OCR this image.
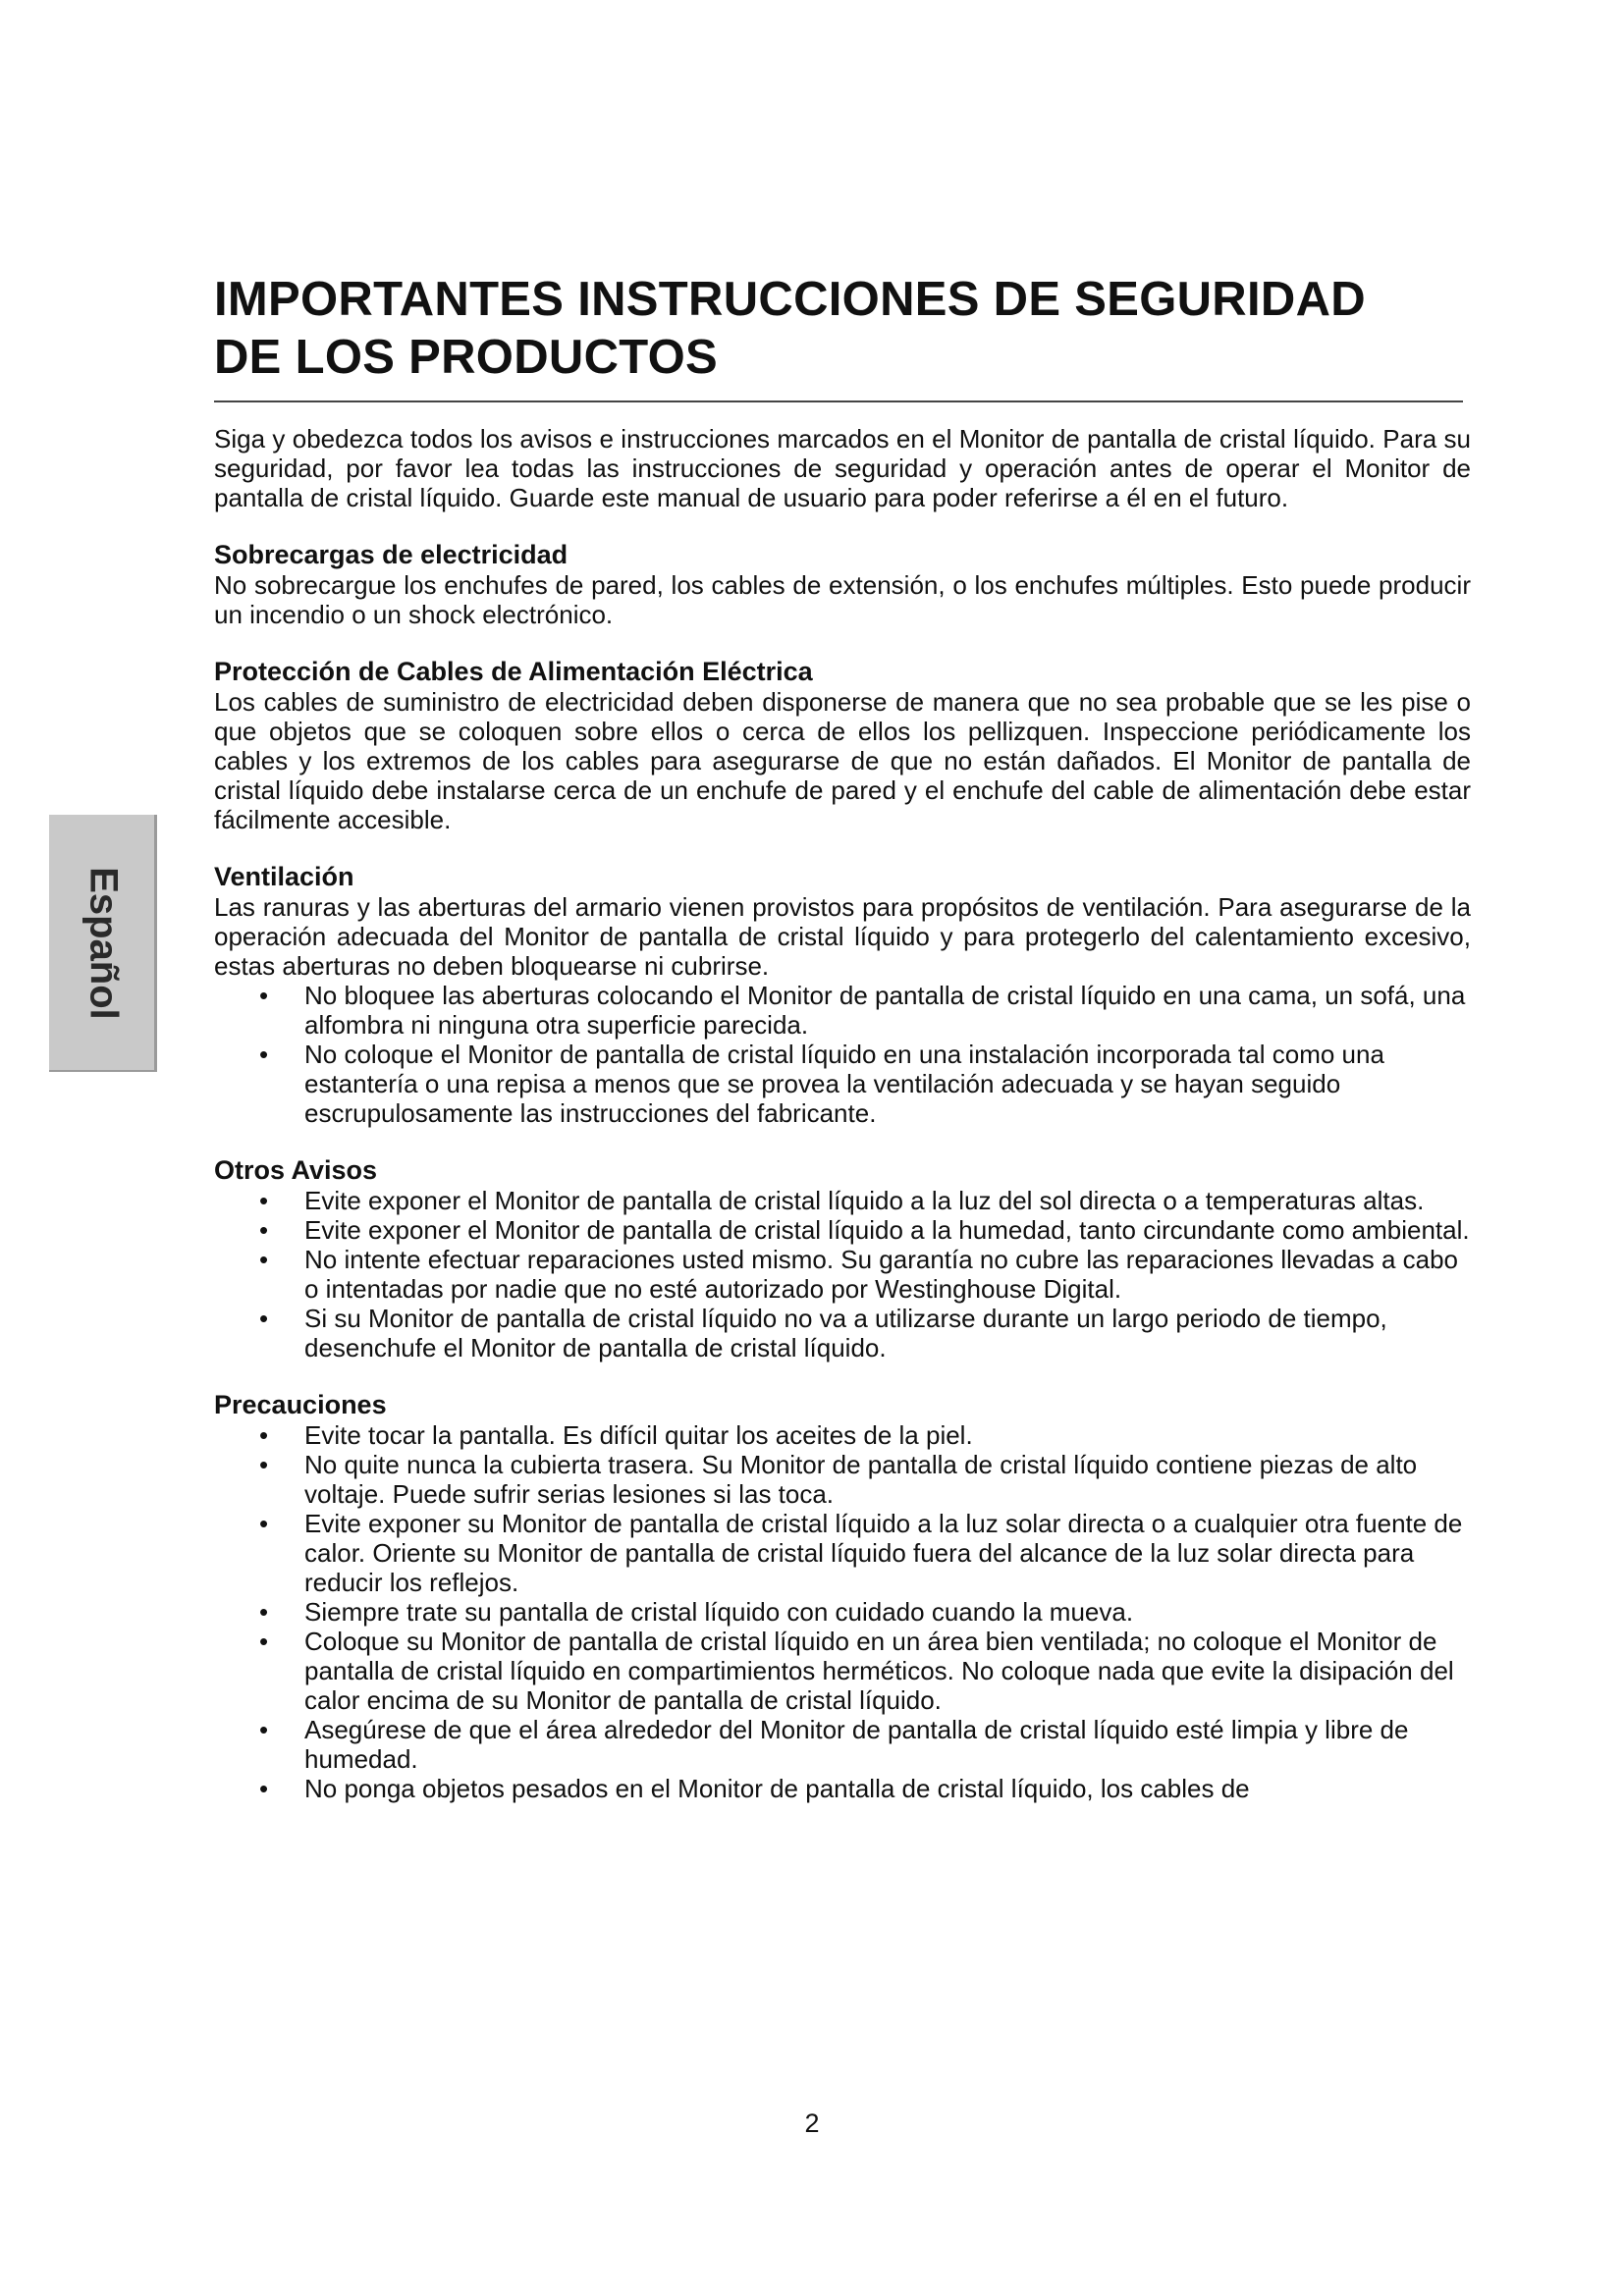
Español
IMPORTANTES INSTRUCCIONES DE SEGURIDAD
DE LOS PRODUCTOS

Siga y obedezca todos los avisos e instrucciones marcados en el Monitor de pantalla de cristal líquido. Para su seguridad, por favor lea todas las instrucciones de seguridad y operación antes de operar el Monitor de pantalla de cristal líquido. Guarde este manual de usuario para poder referirse a él en el futuro.

Sobrecargas de electricidad

No sobrecargue los enchufes de pared, los cables de extensión, o los enchufes múltiples. Esto puede producir un incendio o un shock electrónico.

Protección de Cables de Alimentación Eléctrica

Los cables de suministro de electricidad deben disponerse de manera que no sea probable que se les pise o que objetos que se coloquen sobre ellos o cerca de ellos los pellizquen. Inspeccione periódicamente los cables y los extremos de los cables para asegurarse de que no están dañados. El Monitor de pantalla de cristal líquido debe instalarse cerca de un enchufe de pared y el enchufe del cable de alimentación debe estar fácilmente accesible.

Ventilación

Las ranuras y las aberturas del armario vienen provistos para propósitos de ventilación. Para asegurarse de la operación adecuada del Monitor de pantalla de cristal líquido y para protegerlo del calentamiento excesivo, estas aberturas no deben bloquearse ni cubrirse.

• No bloquee las aberturas colocando el Monitor de pantalla de cristal líquido en una cama, un sofá, una alfombra ni ninguna otra superficie parecida.
• No coloque el Monitor de pantalla de cristal líquido en una instalación incorporada tal como una estantería o una repisa a menos que se provea la ventilación adecuada y se hayan seguido escrupulosamente las instrucciones del fabricante.
Otros Avisos
• Evite exponer el Monitor de pantalla de cristal líquido a la luz del sol directa o a temperaturas altas.
• Evite exponer el Monitor de pantalla de cristal líquido a la humedad, tanto circundante como ambiental.
• No intente efectuar reparaciones usted mismo. Su garantía no cubre las reparaciones llevadas a cabo o intentadas por nadie que no esté autorizado por Westinghouse Digital.
• Si su Monitor de pantalla de cristal líquido no va a utilizarse durante un largo periodo de tiempo, desenchufe el Monitor de pantalla de cristal líquido.
Precauciones
• Evite tocar la pantalla. Es difícil quitar los aceites de la piel.
• No quite nunca la cubierta trasera. Su Monitor de pantalla de cristal líquido contiene piezas de alto voltaje. Puede sufrir serias lesiones si las toca.
• Evite exponer su Monitor de pantalla de cristal líquido a la luz solar directa o a cualquier otra fuente de calor. Oriente su Monitor de pantalla de cristal líquido fuera del alcance de la luz solar directa para reducir los reflejos.
• Siempre trate su pantalla de cristal líquido con cuidado cuando la mueva.
• Coloque su Monitor de pantalla de cristal líquido en un área bien ventilada; no coloque el Monitor de pantalla de cristal líquido en compartimientos herméticos. No coloque nada que evite la disipación del calor encima de su Monitor de pantalla de cristal líquido.
• Asegúrese de que el área alrededor del Monitor de pantalla de cristal líquido esté limpia y libre de humedad.
• No ponga objetos pesados en el Monitor de pantalla de cristal líquido, los cables de
2
